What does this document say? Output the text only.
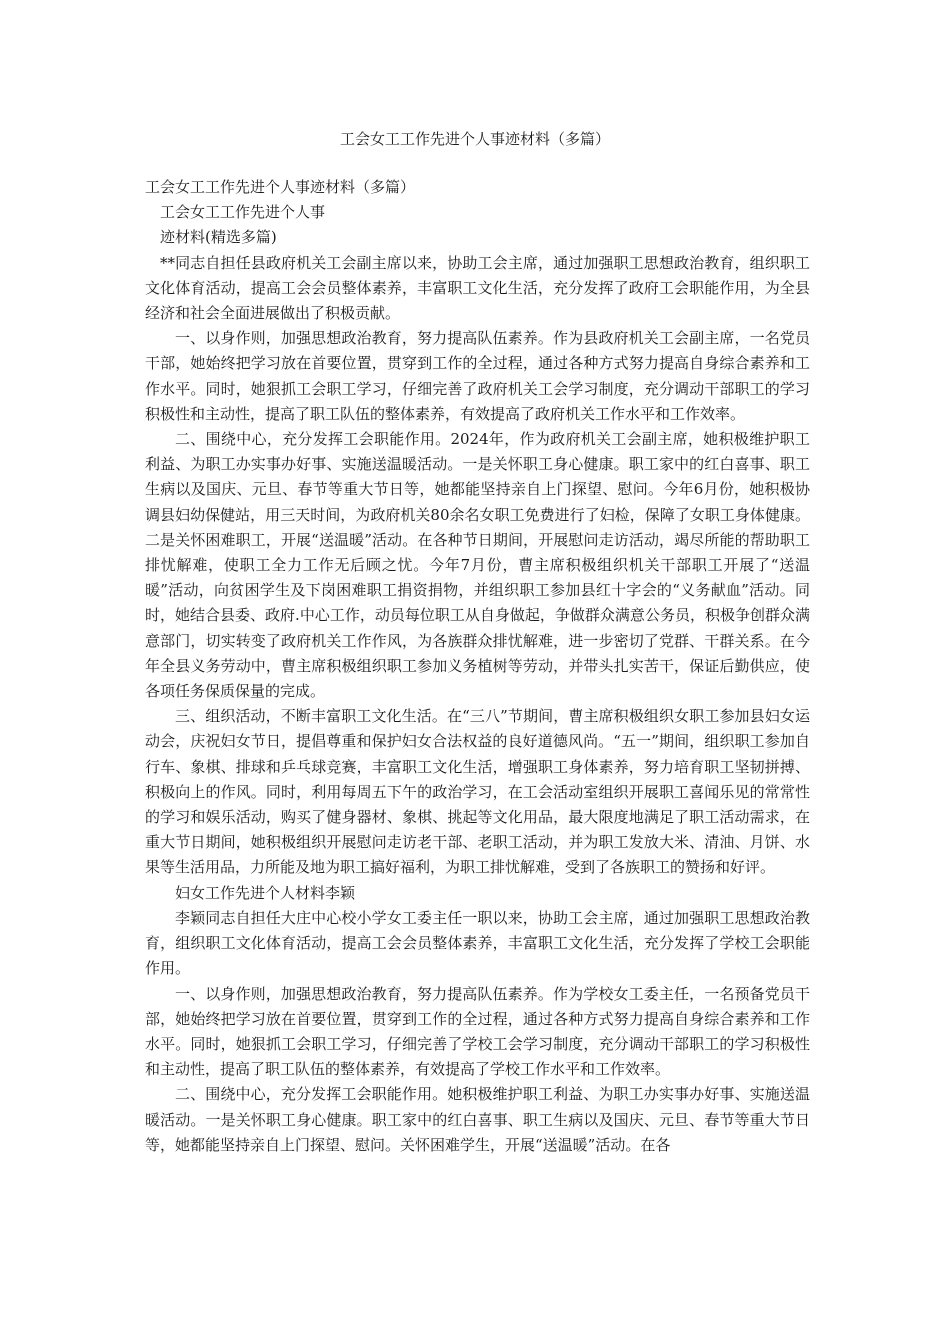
工会女工工作先进个人事迹材料（多篇）

工会女工工作先进个人事迹材料（多篇）

工会女工工作先进个人事

迹材料(精选多篇)

**同志自担任县政府机关工会副主席以来，协助工会主席，通过加强职工思想政治教育，组织职工文化体育活动，提高工会会员整体素养，丰富职工文化生活，充分发挥了政府工会职能作用，为全县经济和社会全面进展做出了积极贡献。

一、以身作则，加强思想政治教育，努力提高队伍素养。作为县政府机关工会副主席，一名党员干部，她始终把学习放在首要位置，贯穿到工作的全过程，通过各种方式努力提高自身综合素养和工作水平。同时，她狠抓工会职工学习，仔细完善了政府机关工会学习制度，充分调动干部职工的学习积极性和主动性，提高了职工队伍的整体素养，有效提高了政府机关工作水平和工作效率。

二、围绕中心，充分发挥工会职能作用。2024年，作为政府机关工会副主席，她积极维护职工利益、为职工办实事办好事、实施送温暖活动。一是关怀职工身心健康。职工家中的红白喜事、职工生病以及国庆、元旦、春节等重大节日等，她都能坚持亲自上门探望、慰问。今年6月份，她积极协调县妇幼保健站，用三天时间，为政府机关80余名女职工免费进行了妇检，保障了女职工身体健康。二是关怀困难职工，开展“送温暖”活动。在各种节日期间，开展慰问走访活动，竭尽所能的帮助职工排忧解难，使职工全力工作无后顾之忧。今年7月份，曹主席积极组织机关干部职工开展了“送温暖”活动，向贫困学生及下岗困难职工捐资捐物，并组织职工参加县红十字会的“义务献血”活动。同时，她结合县委、政府.中心工作，动员每位职工从自身做起，争做群众满意公务员，积极争创群众满意部门，切实转变了政府机关工作作风，为各族群众排忧解难，进一步密切了党群、干群关系。在今年全县义务劳动中，曹主席积极组织职工参加义务植树等劳动，并带头扎实苦干，保证后勤供应，使各项任务保质保量的完成。

三、组织活动，不断丰富职工文化生活。在“三八”节期间，曹主席积极组织女职工参加县妇女运动会，庆祝妇女节日，提倡尊重和保护妇女合法权益的良好道德风尚。“五一”期间，组织职工参加自行车、象棋、排球和乒乓球竞赛，丰富职工文化生活，增强职工身体素养，努力培育职工坚韧拼搏、积极向上的作风。同时，利用每周五下午的政治学习，在工会活动室组织开展职工喜闻乐见的常常性的学习和娱乐活动，购买了健身器材、象棋、挑起等文化用品，最大限度地满足了职工活动需求，在重大节日期间，她积极组织开展慰问走访老干部、老职工活动，并为职工发放大米、清油、月饼、水果等生活用品，力所能及地为职工搞好福利，为职工排忧解难，受到了各族职工的赞扬和好评。

妇女工作先进个人材料李颖

李颖同志自担任大庄中心校小学女工委主任一职以来，协助工会主席，通过加强职工思想政治教育，组织职工文化体育活动，提高工会会员整体素养，丰富职工文化生活，充分发挥了学校工会职能作用。

一、以身作则，加强思想政治教育，努力提高队伍素养。作为学校女工委主任，一名预备党员干部，她始终把学习放在首要位置，贯穿到工作的全过程，通过各种方式努力提高自身综合素养和工作水平。同时，她狠抓工会职工学习，仔细完善了学校工会学习制度，充分调动干部职工的学习积极性和主动性，提高了职工队伍的整体素养，有效提高了学校工作水平和工作效率。

二、围绕中心，充分发挥工会职能作用。她积极维护职工利益、为职工办实事办好事、实施送温暖活动。一是关怀职工身心健康。职工家中的红白喜事、职工生病以及国庆、元旦、春节等重大节日等，她都能坚持亲自上门探望、慰问。关怀困难学生，开展“送温暖”活动。在各
